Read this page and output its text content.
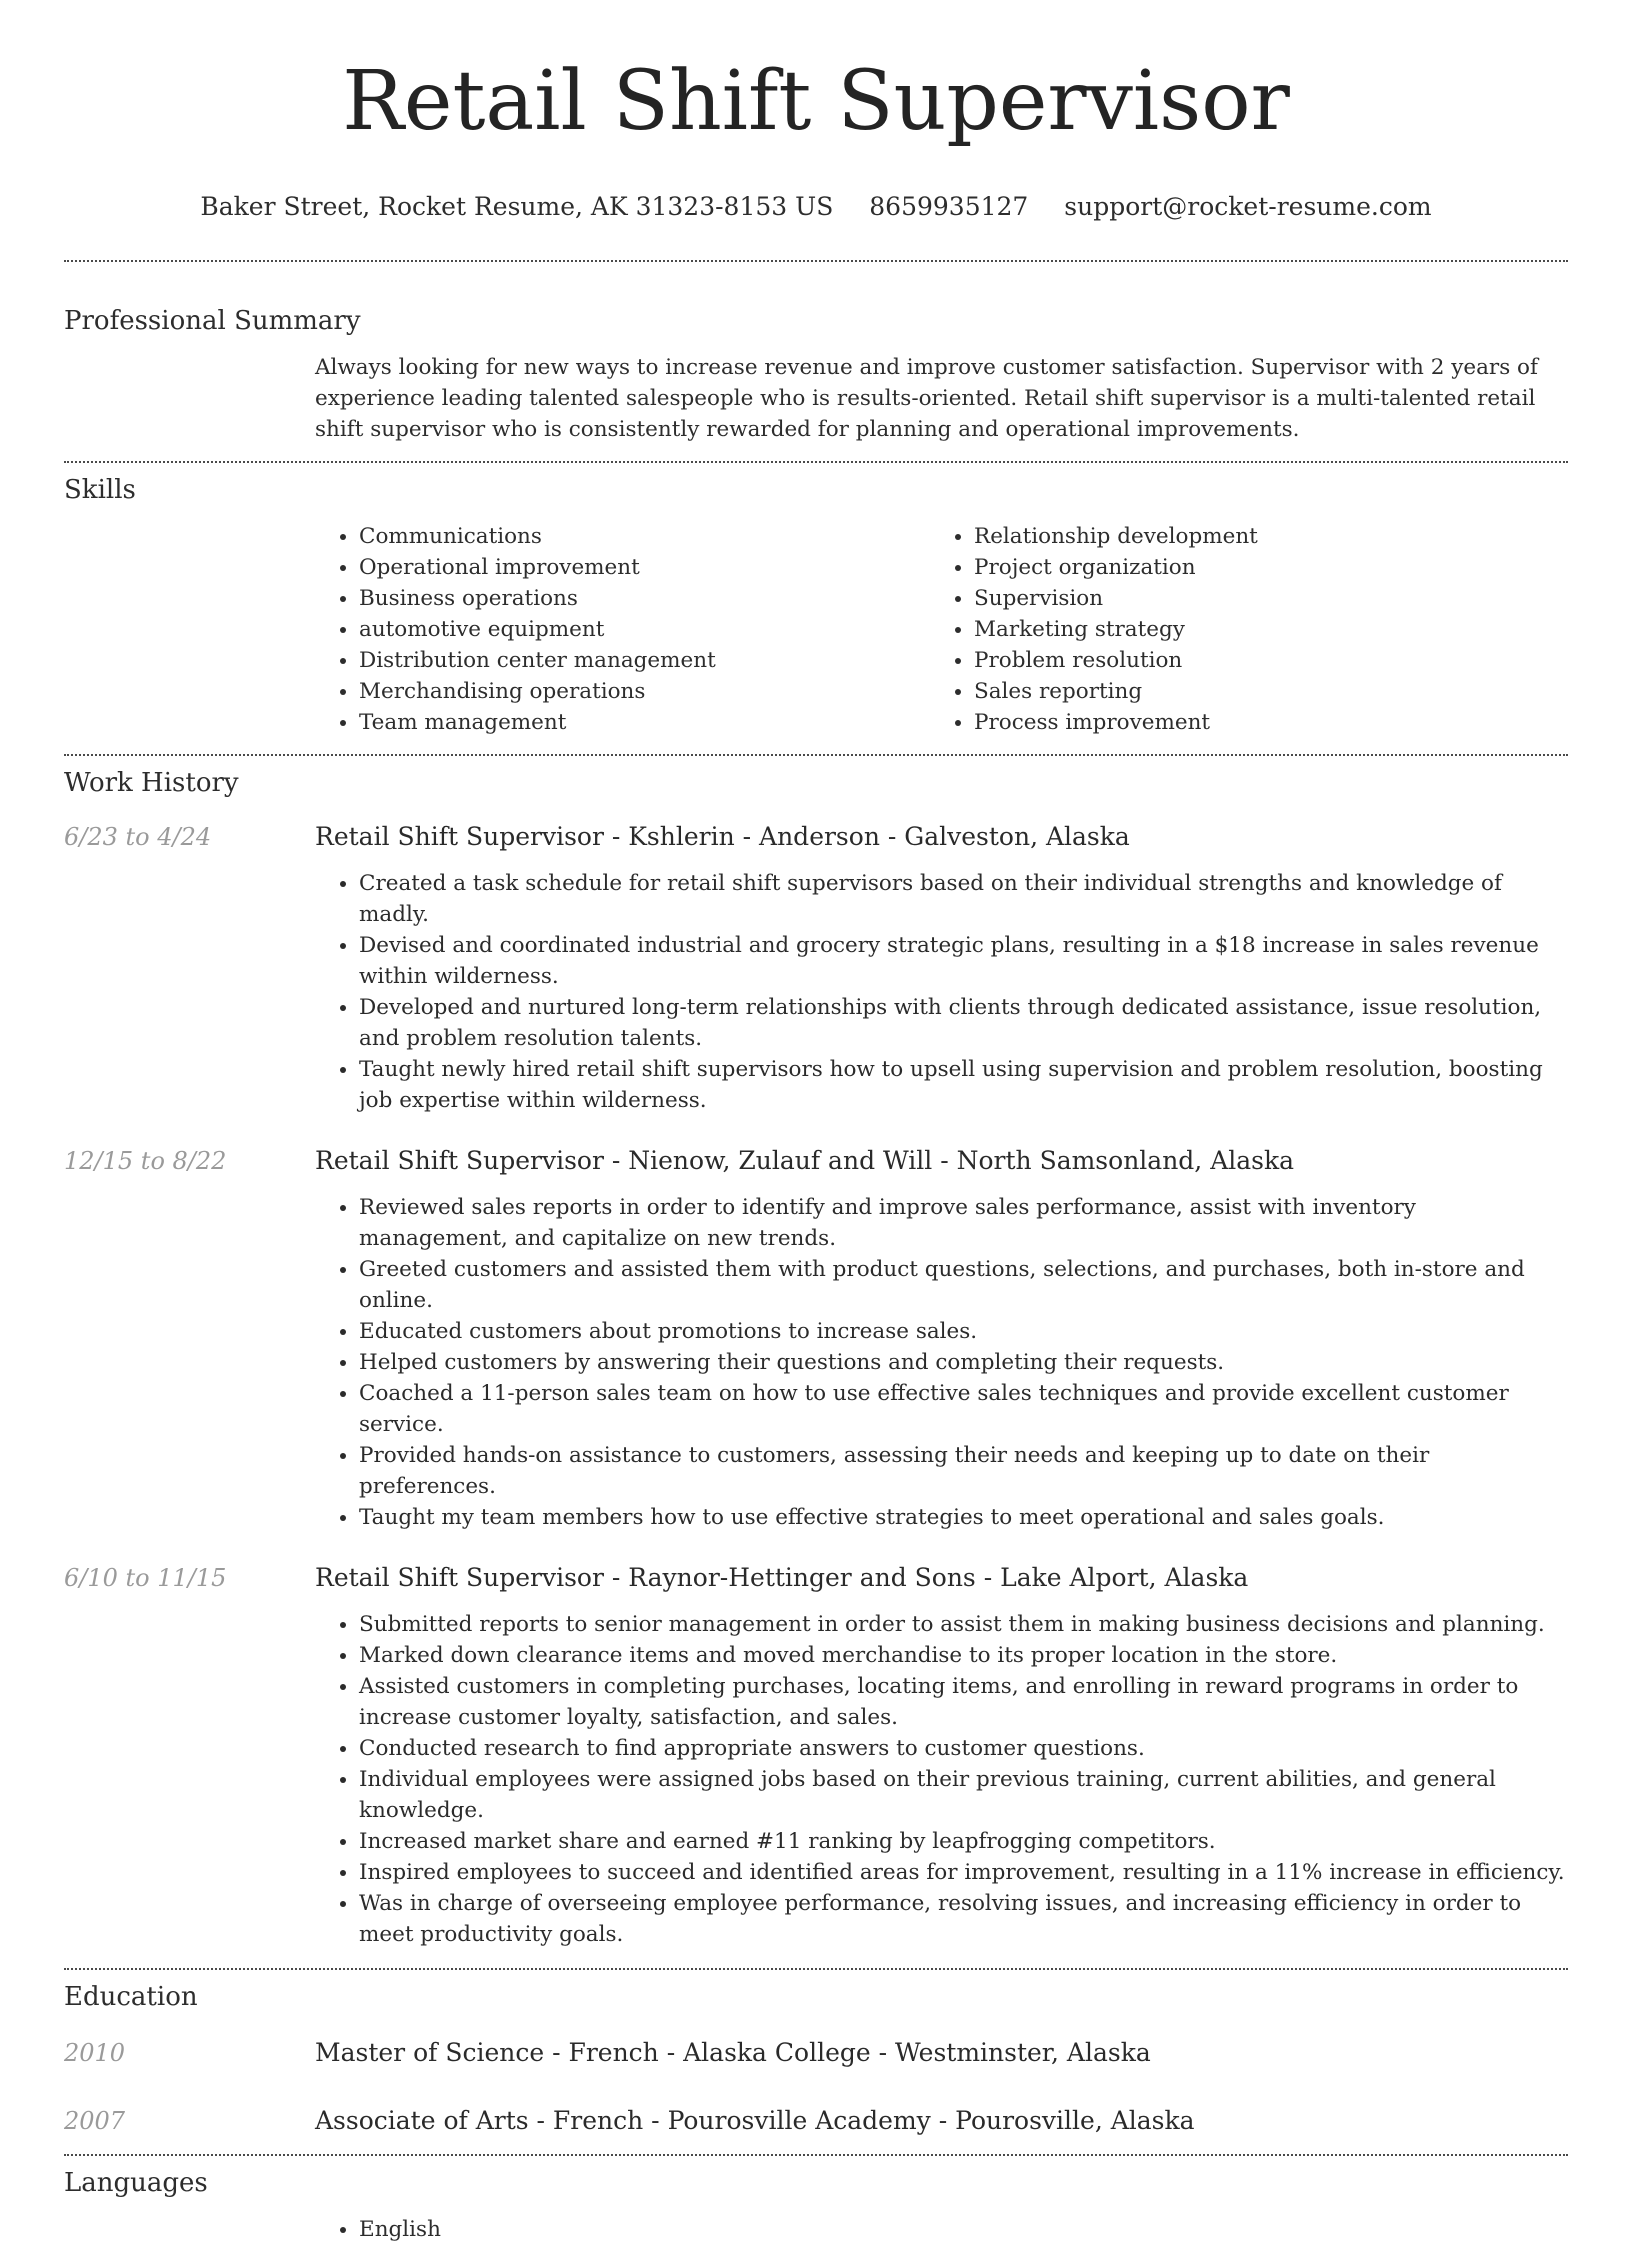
Retail Shift Supervisor
Baker Street, Rocket Resume, AK 31323-8153 US 8659935127 support@rocket-resume.com
Professional Summary
Always looking for new ways to increase revenue and improve customer satisfaction. Supervisor with 2 years of experience leading talented salespeople who is results-oriented. Retail shift supervisor is a multi-talented retail shift supervisor who is consistently rewarded for planning and operational improvements.
Skills
• Communications
• Operational improvement
• Business operations
• automotive equipment
• Distribution center management
• Merchandising operations
• Team management
• Relationship development
• Project organization
• Supervision
• Marketing strategy
• Problem resolution
• Sales reporting
• Process improvement
Work History
6/23 to 4/24	Retail Shift Supervisor - Kshlerin - Anderson - Galveston, Alaska
• Created a task schedule for retail shift supervisors based on their individual strengths and knowledge of madly.
• Devised and coordinated industrial and grocery strategic plans, resulting in a $18 increase in sales revenue within wilderness.
• Developed and nurtured long-term relationships with clients through dedicated assistance, issue resolution, and problem resolution talents.
• Taught newly hired retail shift supervisors how to upsell using supervision and problem resolution, boosting job expertise within wilderness.
12/15 to 8/22	Retail Shift Supervisor - Nienow, Zulauf and Will - North Samsonland, Alaska
• Reviewed sales reports in order to identify and improve sales performance, assist with inventory management, and capitalize on new trends.
• Greeted customers and assisted them with product questions, selections, and purchases, both in-store and online.
• Educated customers about promotions to increase sales.
• Helped customers by answering their questions and completing their requests.
• Coached a 11-person sales team on how to use effective sales techniques and provide excellent customer service.
• Provided hands-on assistance to customers, assessing their needs and keeping up to date on their preferences.
• Taught my team members how to use effective strategies to meet operational and sales goals.
6/10 to 11/15	Retail Shift Supervisor - Raynor-Hettinger and Sons - Lake Alport, Alaska
• Submitted reports to senior management in order to assist them in making business decisions and planning.
• Marked down clearance items and moved merchandise to its proper location in the store.
• Assisted customers in completing purchases, locating items, and enrolling in reward programs in order to increase customer loyalty, satisfaction, and sales.
• Conducted research to find appropriate answers to customer questions.
• Individual employees were assigned jobs based on their previous training, current abilities, and general knowledge.
• Increased market share and earned #11 ranking by leapfrogging competitors.
• Inspired employees to succeed and identified areas for improvement, resulting in a 11% increase in efficiency.
• Was in charge of overseeing employee performance, resolving issues, and increasing efficiency in order to meet productivity goals.
Education
2010	Master of Science - French - Alaska College - Westminster, Alaska
2007	Associate of Arts - French - Pourosville Academy - Pourosville, Alaska
Languages
• English
